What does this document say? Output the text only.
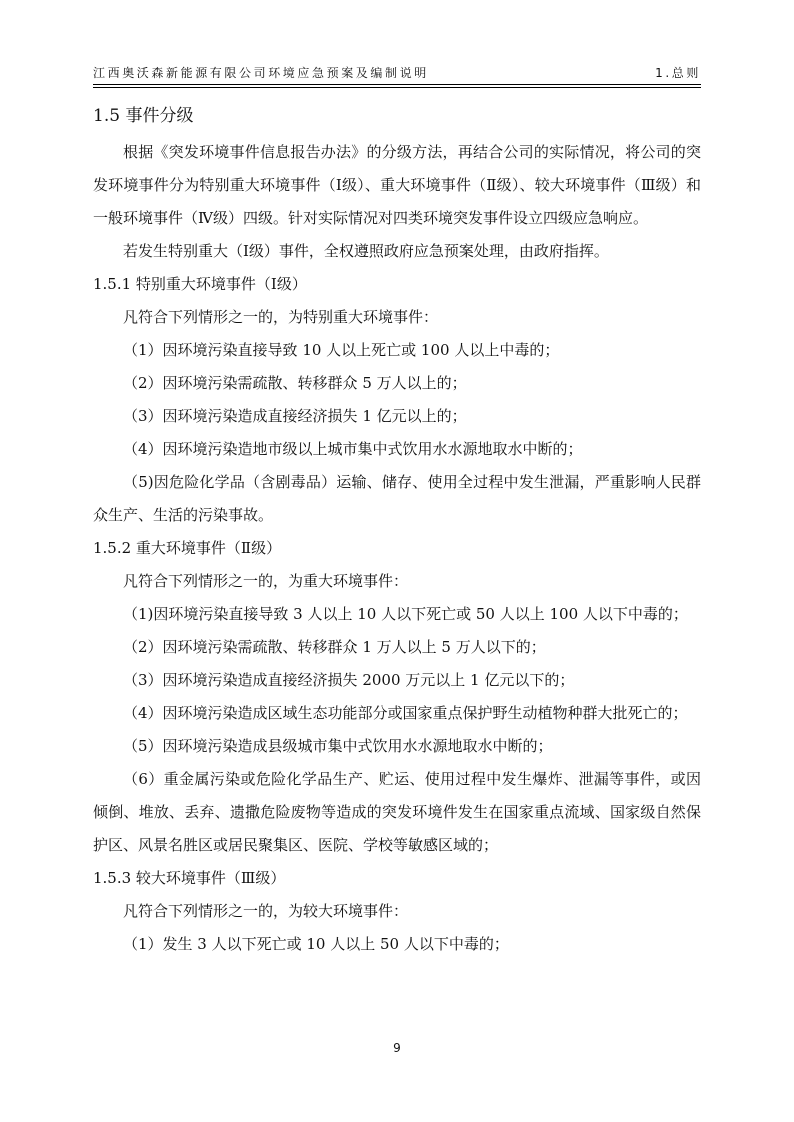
江西奥沃森新能源有限公司环境应急预案及编制说明	1.总则
1.5 事件分级

根据《突发环境事件信息报告办法》的分级方法，再结合公司的实际情况，将公司的突发环境事件分为特别重大环境事件（Ⅰ级）、重大环境事件（Ⅱ级）、较大环境事件（Ⅲ级）和一般环境事件（Ⅳ级）四级。针对实际情况对四类环境突发事件设立四级应急响应。

若发生特别重大（I级）事件，全权遵照政府应急预案处理，由政府指挥。

1.5.1 特别重大环境事件（Ⅰ级）

凡符合下列情形之一的，为特别重大环境事件：

（1）因环境污染直接导致 10 人以上死亡或 100 人以上中毒的；

（2）因环境污染需疏散、转移群众 5 万人以上的；

（3）因环境污染造成直接经济损失 1 亿元以上的；

（4）因环境污染造地市级以上城市集中式饮用水水源地取水中断的；

（5)因危险化学品（含剧毒品）运输、储存、使用全过程中发生泄漏，严重影响人民群众生产、生活的污染事故。

1.5.2 重大环境事件（Ⅱ级）

凡符合下列情形之一的，为重大环境事件：

（1)因环境污染直接导致 3 人以上 10 人以下死亡或 50 人以上 100 人以下中毒的；

（2）因环境污染需疏散、转移群众 1 万人以上 5 万人以下的；

（3）因环境污染造成直接经济损失 2000 万元以上 1 亿元以下的；

（4）因环境污染造成区域生态功能部分或国家重点保护野生动植物种群大批死亡的；

（5）因环境污染造成县级城市集中式饮用水水源地取水中断的；

（6）重金属污染或危险化学品生产、贮运、使用过程中发生爆炸、泄漏等事件，或因倾倒、堆放、丢弃、遗撒危险废物等造成的突发环境件发生在国家重点流域、国家级自然保护区、风景名胜区或居民聚集区、医院、学校等敏感区域的；

1.5.3 较大环境事件（Ⅲ级）

凡符合下列情形之一的，为较大环境事件：

（1）发生 3 人以下死亡或 10 人以上 50 人以下中毒的；

9
